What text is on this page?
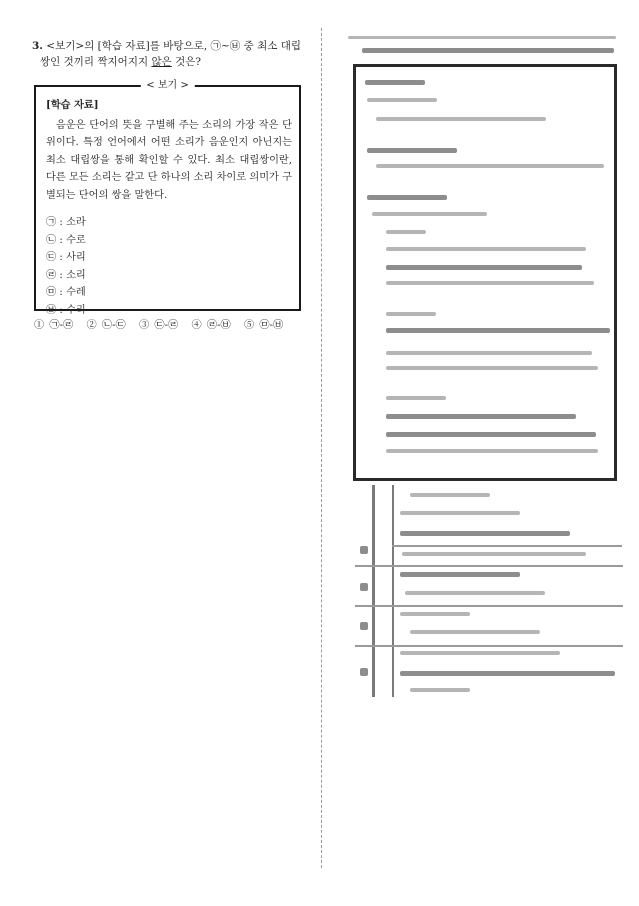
3. <보기>의 [학습 자료]를 바탕으로, ㉠~㉥ 중 최소 대립
쌍인 것끼리 짝지어지지 않은 것은?
< 보기 >
[학습 자료]

음운은 단어의 뜻을 구별해 주는 소리의 가장 작은 단위이다. 특정 언어에서 어떤 소리가 음운인지 아닌지는 최소 대립쌍을 통해 확인할 수 있다. 최소 대립쌍이란, 다른 모든 소리는 같고 단 하나의 소리 차이로 의미가 구별되는 단어의 쌍을 말한다.

㉠ : 소라
㉡ : 수로
㉢ : 사리
㉣ : 소리
㉤ : 수레
㉥ : 수리
① ㉠-㉣ ② ㉡-㉢ ③ ㉢-㉣ ④ ㉣-㉥ ⑤ ㉤-㉥
